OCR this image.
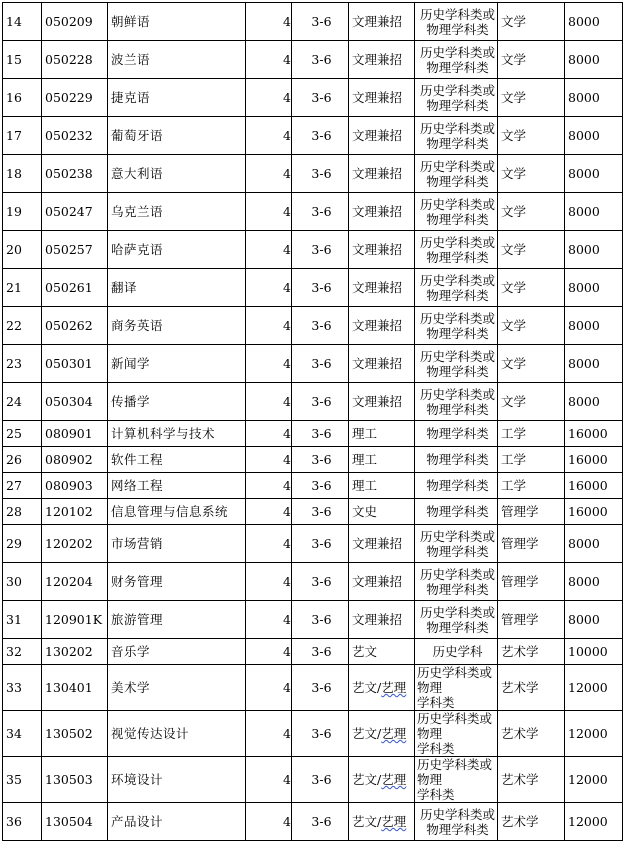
14	050209	朝鲜语	4	3-6	文理兼招	历史学科类或
物理学科类	文学	8000
15	050228	波兰语	4	3-6	文理兼招	历史学科类或
物理学科类	文学	8000
16	050229	捷克语	4	3-6	文理兼招	历史学科类或
物理学科类	文学	8000
17	050232	葡萄牙语	4	3-6	文理兼招	历史学科类或
物理学科类	文学	8000
18	050238	意大利语	4	3-6	文理兼招	历史学科类或
物理学科类	文学	8000
19	050247	乌克兰语	4	3-6	文理兼招	历史学科类或
物理学科类	文学	8000
20	050257	哈萨克语	4	3-6	文理兼招	历史学科类或
物理学科类	文学	8000
21	050261	翻译	4	3-6	文理兼招	历史学科类或
物理学科类	文学	8000
22	050262	商务英语	4	3-6	文理兼招	历史学科类或
物理学科类	文学	8000
23	050301	新闻学	4	3-6	文理兼招	历史学科类或
物理学科类	文学	8000
24	050304	传播学	4	3-6	文理兼招	历史学科类或
物理学科类	文学	8000
25	080901	计算机科学与技术	4	3-6	理工	物理学科类	工学	16000
26	080902	软件工程	4	3-6	理工	物理学科类	工学	16000
27	080903	网络工程	4	3-6	理工	物理学科类	工学	16000
28	120102	信息管理与信息系统	4	3-6	文史	物理学科类	管理学	16000
29	120202	市场营销	4	3-6	文理兼招	历史学科类或
物理学科类	管理学	8000
30	120204	财务管理	4	3-6	文理兼招	历史学科类或
物理学科类	管理学	8000
31	120901K	旅游管理	4	3-6	文理兼招	历史学科类或
物理学科类	管理学	8000
32	130202	音乐学	4	3-6	艺文	历史学科	艺术学	10000
33	130401	美术学	4	3-6	艺文/艺理	历史学科类或物理
学科类	艺术学	12000
34	130502	视觉传达设计	4	3-6	艺文/艺理	历史学科类或物理
学科类	艺术学	12000
35	130503	环境设计	4	3-6	艺文/艺理	历史学科类或物理
学科类	艺术学	12000
36	130504	产品设计	4	3-6	艺文/艺理	历史学科类或
物理学科类	艺术学	12000
